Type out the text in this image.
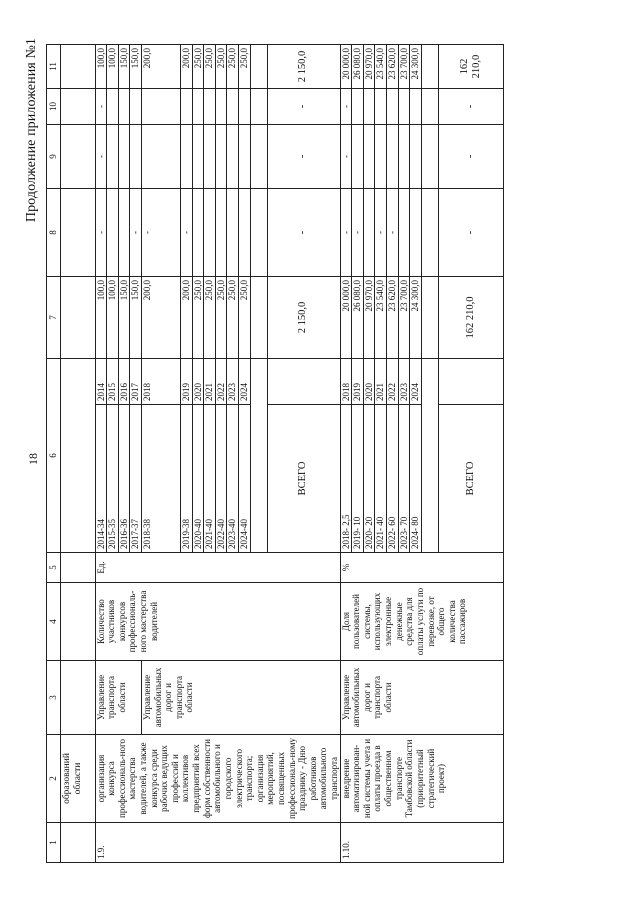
18
Продолжение приложения №1
1	2	3	4	5	6		7	8	9	10	11	
	образований области											
1.9.	организация конкурса профессиональ-ного мастерства водителей, а также конкурса среди рабочих ведущих профессий и коллективов предприятий всех форм собственности автомобильного и городского электрического транспорта; организация мероприятий, посвященных профессиональ-ному празднику - Дню работников автомобильного транспорта	Управление транспорта области	Количество участников конкурсов профессиональ-ного мастерства водителей	Ед.	2014-34	2014	100,0	-	-	-	100,0	
					2015-35	2015	100,0				100,0	
					2016-36	2016	150,0				150,0	
					2017-37	2017	150,0	-			150,0	
		Управление автомобильных дорог и транспорта области			2018-38	2018	200,0	-			200,0	
					2019-38	2019	200,0	-			200,0	
					2020-40	2020	250,0				250,0	
					2021-40	2021	250,0				250,0	
					2022-40	2022	250,0				250,0	
					2023-40	2023	250,0				250,0	
					2024-40	2024	250,0				250,0	

					ВСЕГО		2 150,0	-	-	-	2 150,0	
1.10.	внедрение автоматизирован-ной системы учета и оплаты проезда в общественном транспорте Тамбовской области (приоритетный стратегический проект)	Управление автомобильных дорог и транспорта области	Доля пользователей системы, использующих электронные денежные средства для оплаты услуги по перевозке, от общего количества пассажиров	%	2018- 2,5	2018	20 000,0	-	-	-	20 000,0	
					2019- 10	2019	26 080,0	-			26 080,0	
					2020- 20	2020	20 970,0				20 970,0	
					2021- 40	2021	23 540,0	-			23 540,0	
					2022- 60	2022	23 620,0	-			23 620,0	
					2023- 70	2023	23 700,0				23 700,0	
					2024- 80	2024	24 300,0				24 300,0	

					ВСЕГО		162 210,0	-	-	-	162 210,0	
